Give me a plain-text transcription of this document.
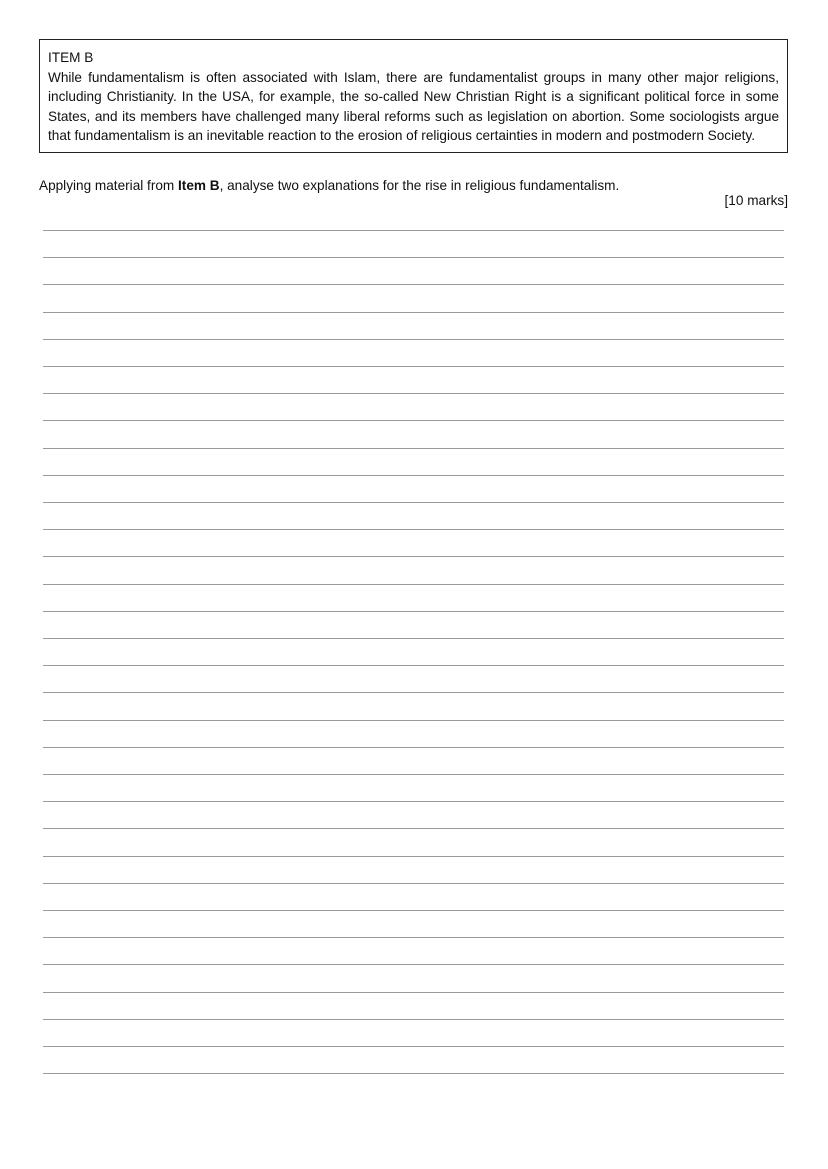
ITEM B
While fundamentalism is often associated with Islam, there are fundamentalist groups in many other major religions, including Christianity. In the USA, for example, the so-called New Christian Right is a significant political force in some States, and its members have challenged many liberal reforms such as legislation on abortion. Some sociologists argue that fundamentalism is an inevitable reaction to the erosion of religious certainties in modern and postmodern Society.
Applying material from Item B, analyse two explanations for the rise in religious fundamentalism.
[10 marks]
